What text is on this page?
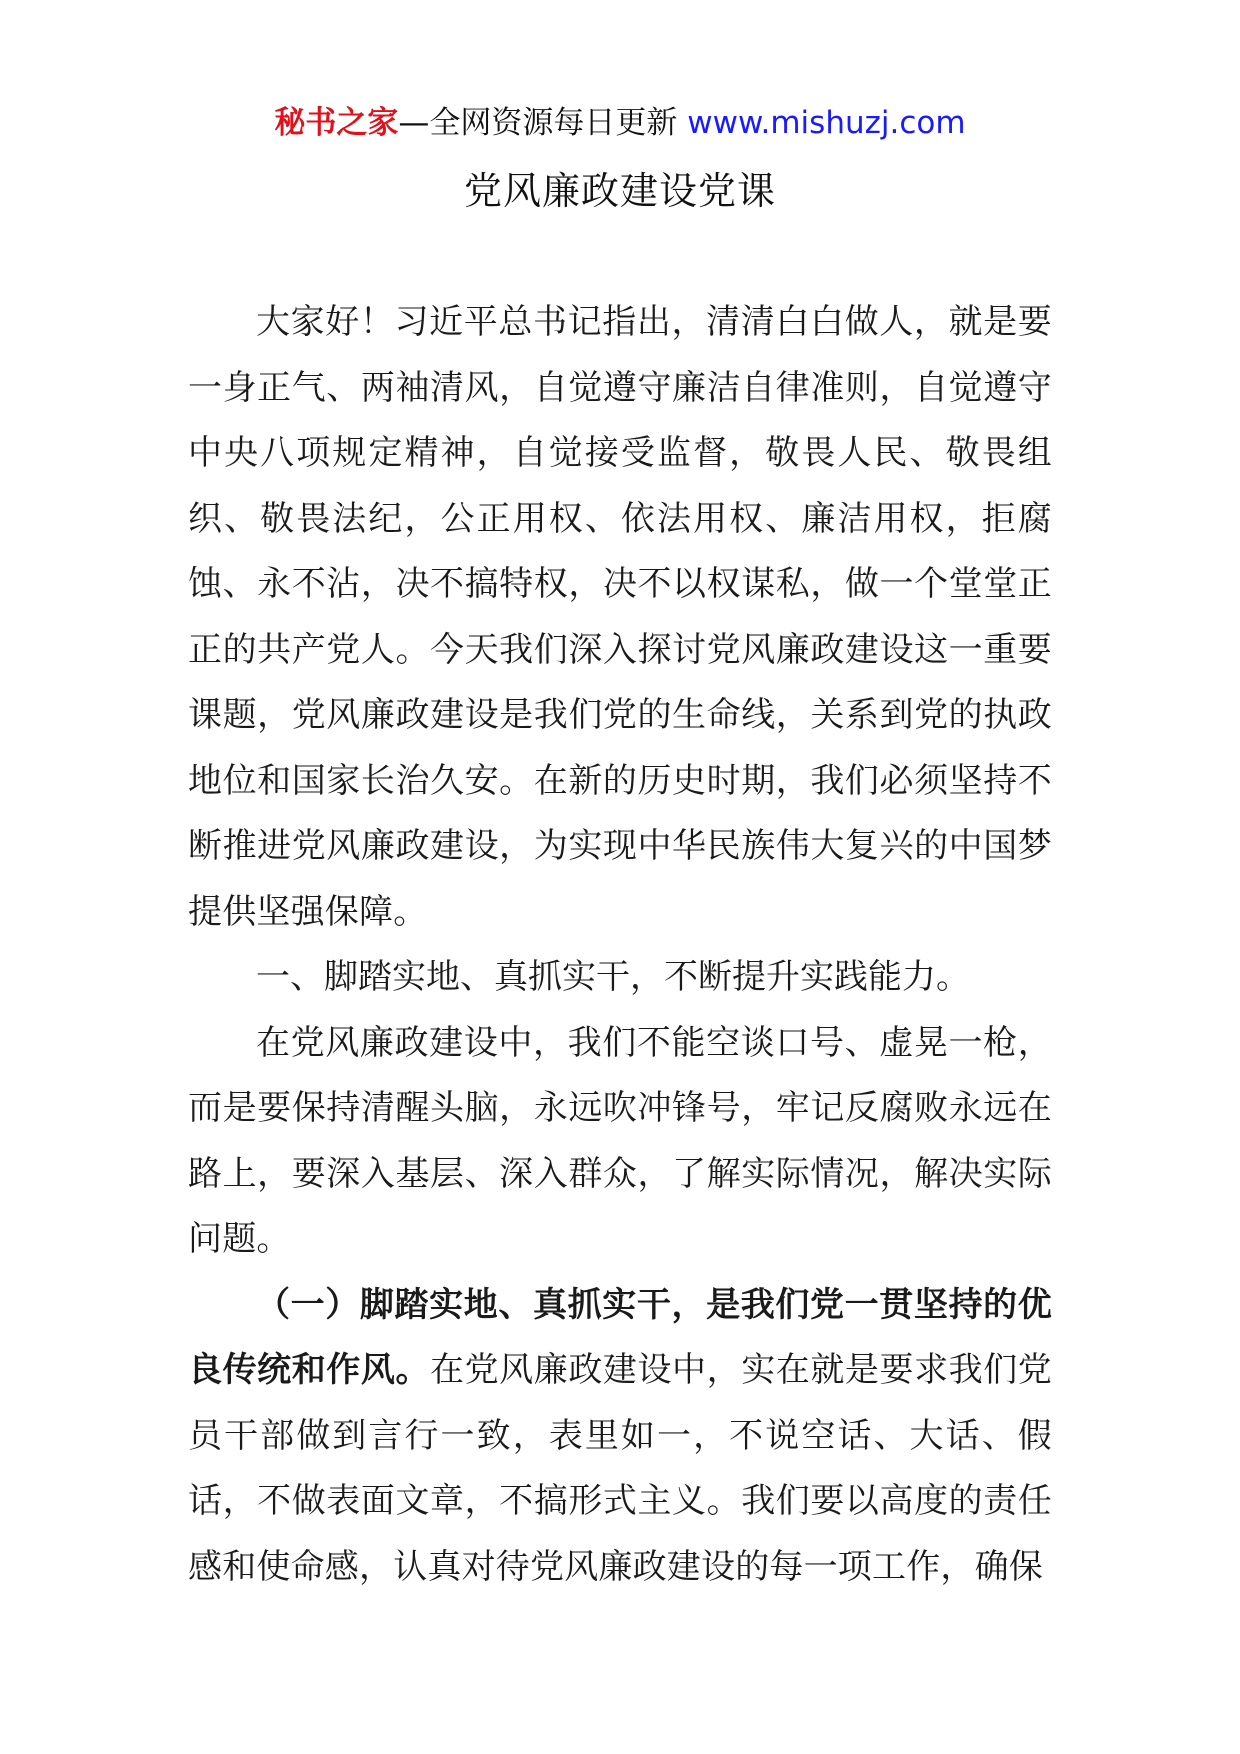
秘书之家—全网资源每日更新 www.mishuzj.com
党风廉政建设党课

大家好！习近平总书记指出，清清白白做人，就是要一身正气、两袖清风，自觉遵守廉洁自律准则，自觉遵守中央八项规定精神，自觉接受监督，敬畏人民、敬畏组织、敬畏法纪，公正用权、依法用权、廉洁用权，拒腐蚀、永不沾，决不搞特权，决不以权谋私，做一个堂堂正正的共产党人。今天我们深入探讨党风廉政建设这一重要课题，党风廉政建设是我们党的生命线，关系到党的执政地位和国家长治久安。在新的历史时期，我们必须坚持不断推进党风廉政建设，为实现中华民族伟大复兴的中国梦提供坚强保障。

一、脚踏实地、真抓实干，不断提升实践能力。

在党风廉政建设中，我们不能空谈口号、虚晃一枪，而是要保持清醒头脑，永远吹冲锋号，牢记反腐败永远在路上，要深入基层、深入群众，了解实际情况，解决实际问题。

（一）脚踏实地、真抓实干，是我们党一贯坚持的优良传统和作风。在党风廉政建设中，实在就是要求我们党员干部做到言行一致，表里如一，不说空话、大话、假话，不做表面文章，不搞形式主义。我们要以高度的责任感和使命感，认真对待党风廉政建设的每一项工作，确保
